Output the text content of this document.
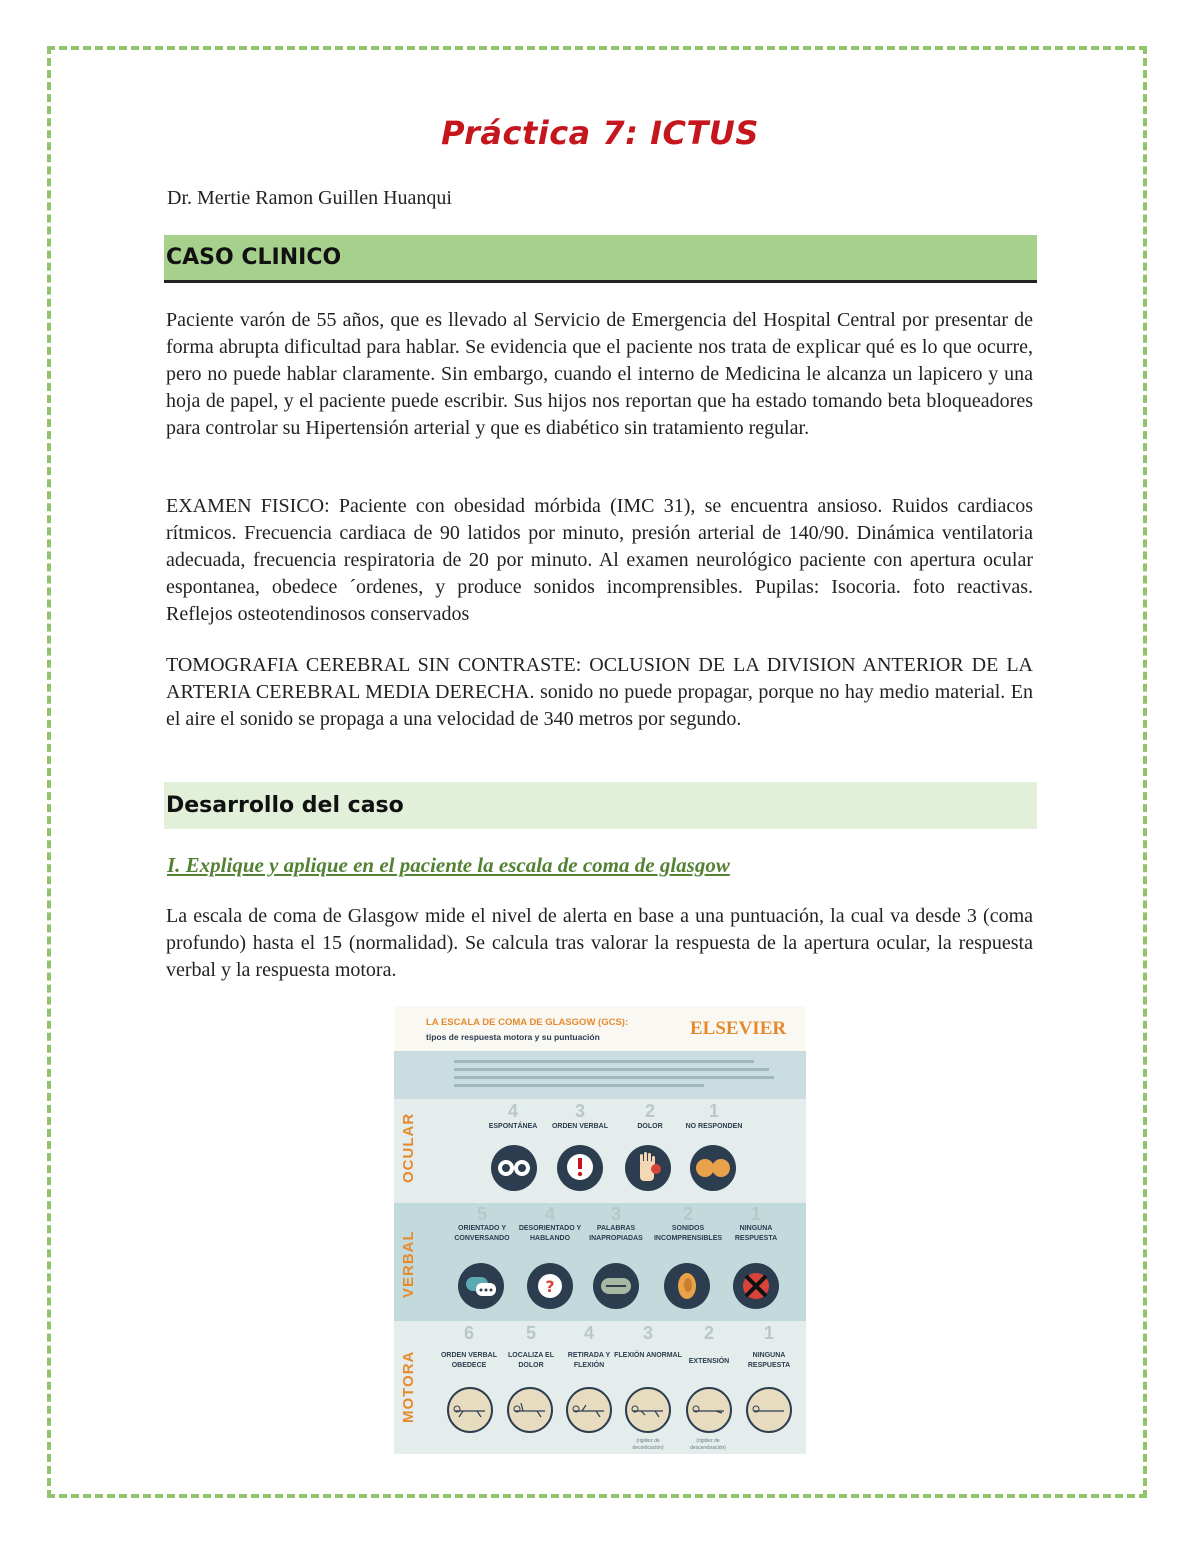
Práctica 7: ICTUS
Dr. Mertie Ramon Guillen Huanqui
CASO CLINICO
Paciente varón de 55 años, que es llevado al Servicio de Emergencia del Hospital Central por presentar de forma abrupta dificultad para hablar. Se evidencia que el paciente nos trata de explicar qué es lo que ocurre, pero no puede hablar claramente. Sin embargo, cuando el interno de Medicina le alcanza un lapicero y una hoja de papel, y el paciente puede escribir. Sus hijos nos reportan que ha estado tomando beta bloqueadores para controlar su Hipertensión arterial y que es diabético sin tratamiento regular.
EXAMEN FISICO: Paciente con obesidad mórbida (IMC 31), se encuentra ansioso. Ruidos cardiacos rítmicos. Frecuencia cardiaca de 90 latidos por minuto, presión arterial de 140/90. Dinámica ventilatoria adecuada, frecuencia respiratoria de 20 por minuto. Al examen neurológico paciente con apertura ocular espontanea, obedece ´ordenes, y produce sonidos incomprensibles. Pupilas: Isocoria. foto reactivas. Reflejos osteotendinosos conservados
TOMOGRAFIA CEREBRAL SIN CONTRASTE: OCLUSION DE LA DIVISION ANTERIOR DE LA ARTERIA CEREBRAL MEDIA DERECHA. sonido no puede propagar, porque no hay medio material. En el aire el sonido se propaga a una velocidad de 340 metros por segundo.
Desarrollo del caso
I. Explique y aplique en el paciente la escala de coma de glasgow
La escala de coma de Glasgow mide el nivel de alerta en base a una puntuación, la cual va desde 3 (coma profundo) hasta el 15 (normalidad). Se calcula tras valorar la respuesta de la apertura ocular, la respuesta verbal y la respuesta motora.
LA ESCALA DE COMA DE GLASGOW (GCS):
tipos de respuesta motora y su puntuación	ELSEVIER
OCULAR
4
ESPONTÁNEA
3
ORDEN VERBAL
2
DOLOR
1
NO RESPONDEN
VERBAL
5
ORIENTADO Y CONVERSANDO
4
DESORIENTADO Y HABLANDO
?
3
PALABRAS INAPROPIADAS
2
SONIDOS INCOMPRENSIBLES
1
NINGUNA RESPUESTA
MOTORA
6
ORDEN VERBAL OBEDECE
5
LOCALIZA EL DOLOR
4
RETIRADA Y FLEXIÓN
3
FLEXIÓN ANORMAL
(rigidez de decorticación)
2
EXTENSIÓN
(rigidez de descerebración)
1
NINGUNA RESPUESTA
